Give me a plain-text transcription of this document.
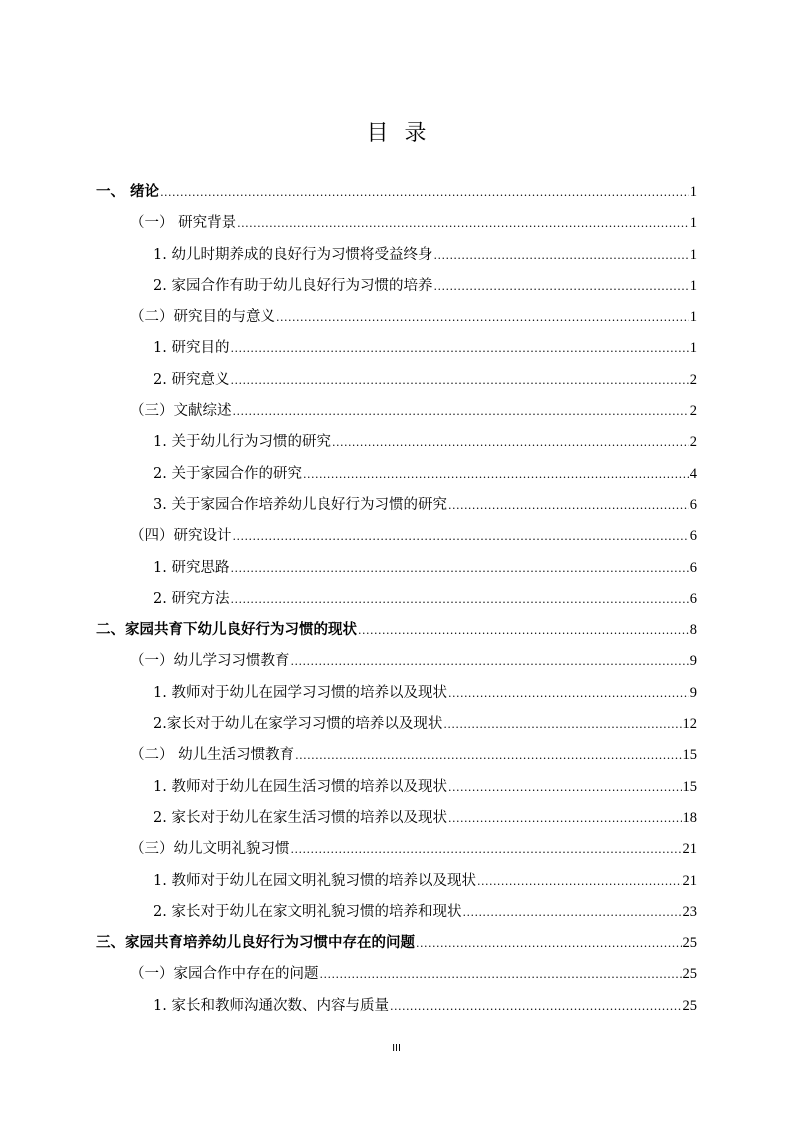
目录
一、 绪论 .....	1
（一） 研究背景 .....	1
1. 幼儿时期养成的良好行为习惯将受益终身 .....	1
2. 家园合作有助于幼儿良好行为习惯的培养 .....	1
（二）研究目的与意义 .....	1
1. 研究目的 .....	1
2. 研究意义 .....	2
（三）文献综述 .....	2
1. 关于幼儿行为习惯的研究 .....	2
2. 关于家园合作的研究 .....	4
3. 关于家园合作培养幼儿良好行为习惯的研究 .....	6
（四）研究设计 .....	6
1. 研究思路 .....	6
2. 研究方法 .....	6
二、家园共育下幼儿良好行为习惯的现状 .....	8
（一）幼儿学习习惯教育 .....	9
1. 教师对于幼儿在园学习习惯的培养以及现状 .....	9
2.家长对于幼儿在家学习习惯的培养以及现状 .....	12
（二） 幼儿生活习惯教育 .....	15
1. 教师对于幼儿在园生活习惯的培养以及现状 .....	15
2. 家长对于幼儿在家生活习惯的培养以及现状 .....	18
（三）幼儿文明礼貌习惯 .....	21
1. 教师对于幼儿在园文明礼貌习惯的培养以及现状 .....	21
2. 家长对于幼儿在家文明礼貌习惯的培养和现状 .....	23
三、家园共育培养幼儿良好行为习惯中存在的问题 .....	25
（一）家园合作中存在的问题 .....	25
1. 家长和教师沟通次数、内容与质量 .....	25
III
